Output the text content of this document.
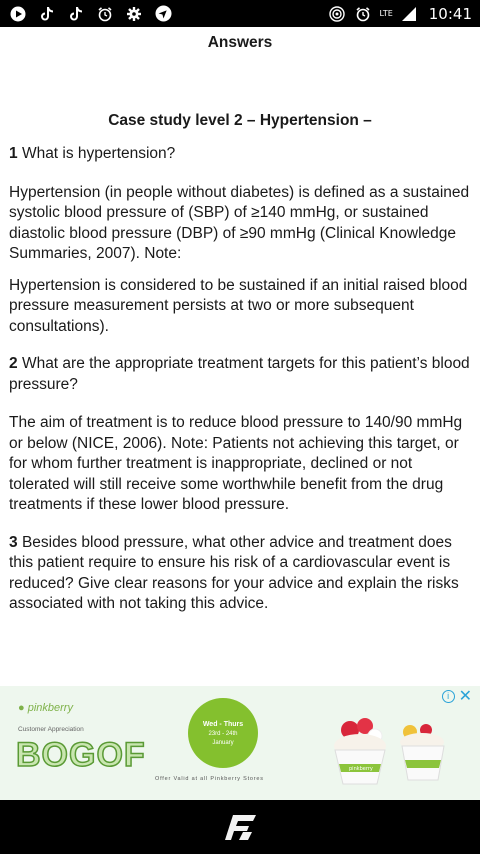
LTE 10:41
Answers
Case study level 2 – Hypertension –
1 What is hypertension?
Hypertension (in people without diabetes) is defined as a sustained systolic blood pressure of (SBP) of ≥140 mmHg, or sustained diastolic blood pressure (DBP) of ≥90 mmHg (Clinical Knowledge Summaries, 2007). Note:
Hypertension is considered to be sustained if an initial raised blood pressure measurement persists at two or more subsequent consultations).
2 What are the appropriate treatment targets for this patient’s blood pressure?
The aim of treatment is to reduce blood pressure to 140/90 mmHg or below (NICE, 2006). Note: Patients not achieving this target, or for whom further treatment is inappropriate, declined or not tolerated will still receive some worthwhile benefit from the drug treatments if these lower blood pressure.
3 Besides blood pressure, what other advice and treatment does this patient require to ensure his risk of a cardiovascular event is reduced? Give clear reasons for your advice and explain the risks associated with not taking this advice.
● pinkberry
Customer Appreciation
BOGOF
Wed - Thurs
23rd - 24th
January
Offer Valid at all Pinkberry Stores
pinkberry
i ✕
